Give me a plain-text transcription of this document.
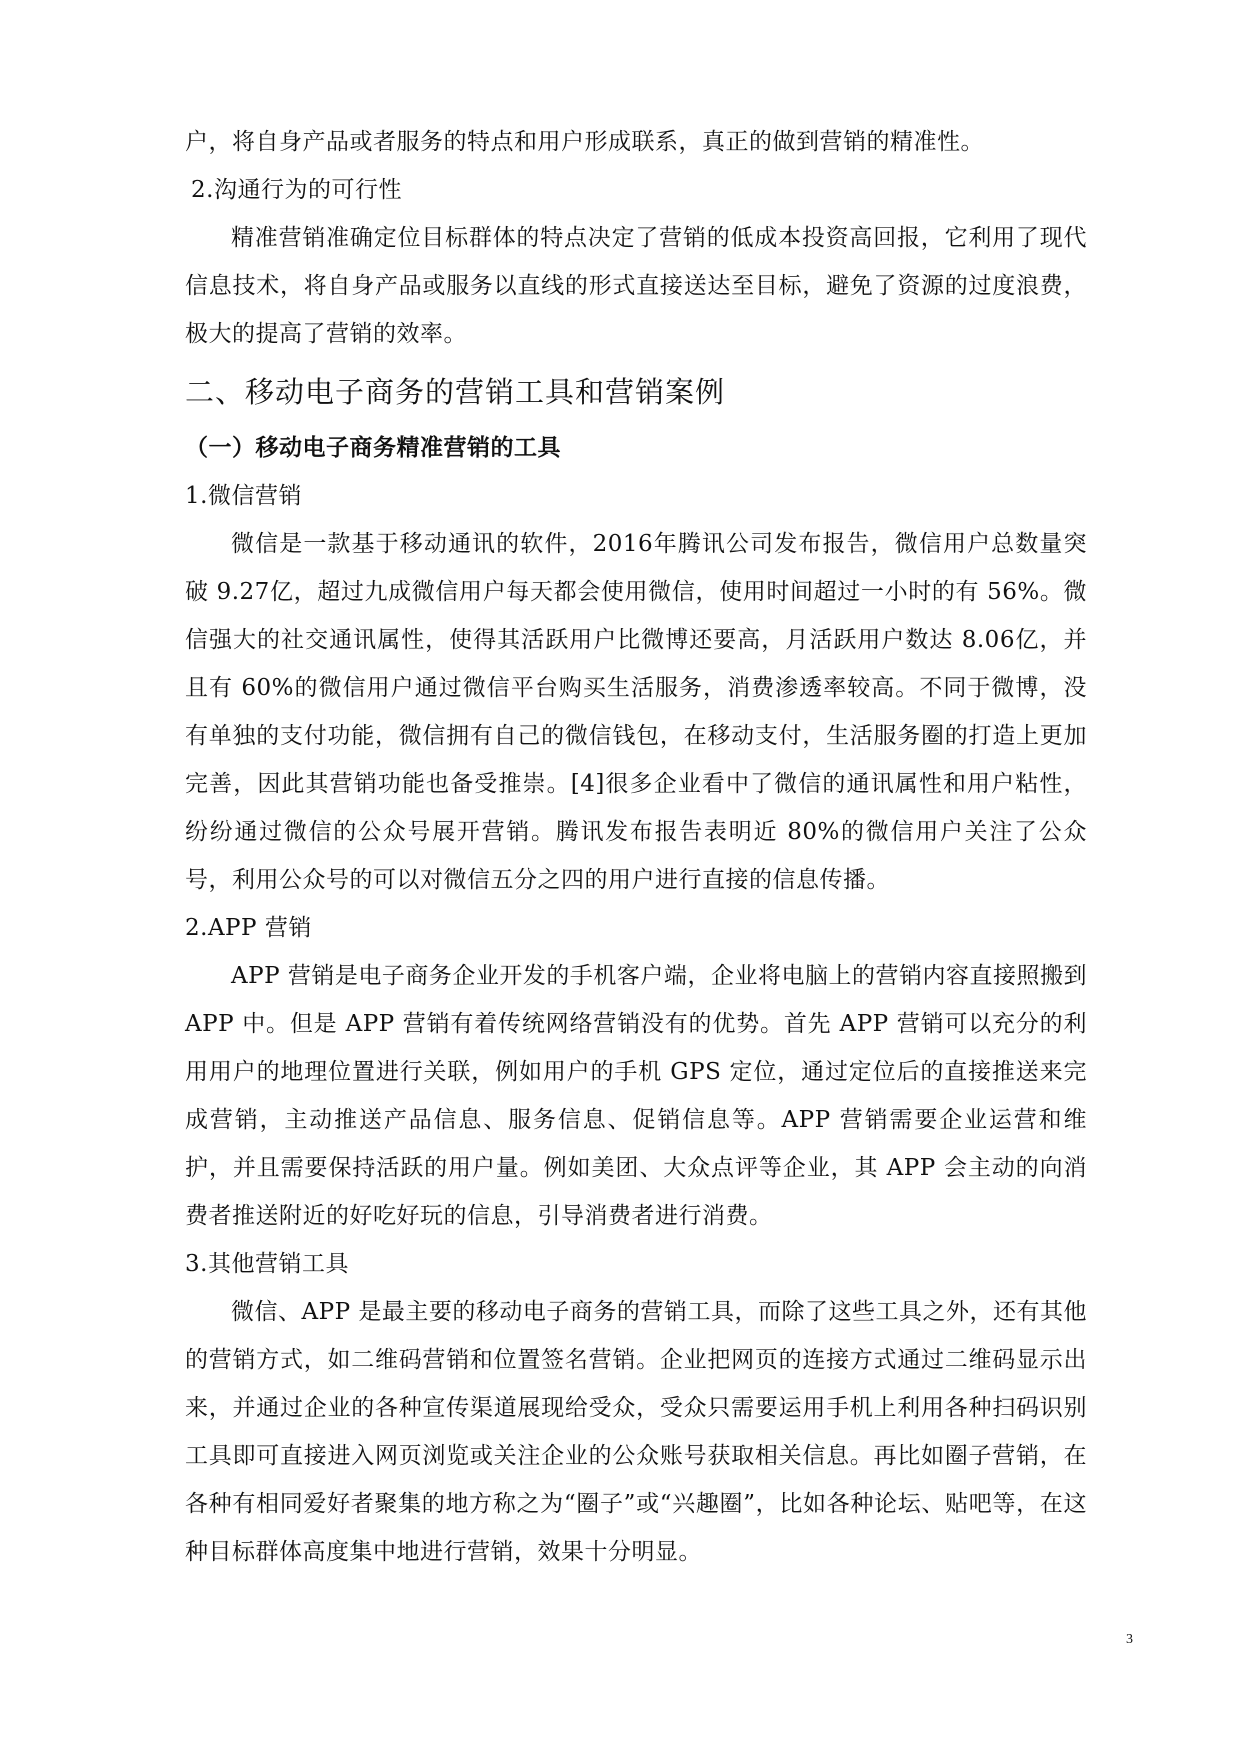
户，将自身产品或者服务的特点和用户形成联系，真正的做到营销的精准性。

2.沟通行为的可行性

精准营销准确定位目标群体的特点决定了营销的低成本投资高回报，它利用了现代信息技术，将自身产品或服务以直线的形式直接送达至目标，避免了资源的过度浪费，极大的提高了营销的效率。

二、移动电子商务的营销工具和营销案例
（一）移动电子商务精准营销的工具

1.微信营销

微信是一款基于移动通讯的软件，2016年腾讯公司发布报告，微信用户总数量突破 9.27亿，超过九成微信用户每天都会使用微信，使用时间超过一小时的有 56%。微信强大的社交通讯属性，使得其活跃用户比微博还要高，月活跃用户数达 8.06亿，并且有 60%的微信用户通过微信平台购买生活服务，消费渗透率较高。不同于微博，没有单独的支付功能，微信拥有自己的微信钱包，在移动支付，生活服务圈的打造上更加完善，因此其营销功能也备受推崇。[4]很多企业看中了微信的通讯属性和用户粘性，纷纷通过微信的公众号展开营销。腾讯发布报告表明近 80%的微信用户关注了公众号，利用公众号的可以对微信五分之四的用户进行直接的信息传播。

2.APP 营销

APP 营销是电子商务企业开发的手机客户端，企业将电脑上的营销内容直接照搬到 APP 中。但是 APP 营销有着传统网络营销没有的优势。首先 APP 营销可以充分的利用用户的地理位置进行关联，例如用户的手机 GPS 定位，通过定位后的直接推送来完成营销，主动推送产品信息、服务信息、促销信息等。APP 营销需要企业运营和维护，并且需要保持活跃的用户量。例如美团、大众点评等企业，其 APP 会主动的向消费者推送附近的好吃好玩的信息，引导消费者进行消费。

3.其他营销工具

微信、APP 是最主要的移动电子商务的营销工具，而除了这些工具之外，还有其他的营销方式，如二维码营销和位置签名营销。企业把网页的连接方式通过二维码显示出来，并通过企业的各种宣传渠道展现给受众，受众只需要运用手机上利用各种扫码识别工具即可直接进入网页浏览或关注企业的公众账号获取相关信息。再比如圈子营销，在各种有相同爱好者聚集的地方称之为“圈子”或“兴趣圈”，比如各种论坛、贴吧等，在这种目标群体高度集中地进行营销，效果十分明显。

3
